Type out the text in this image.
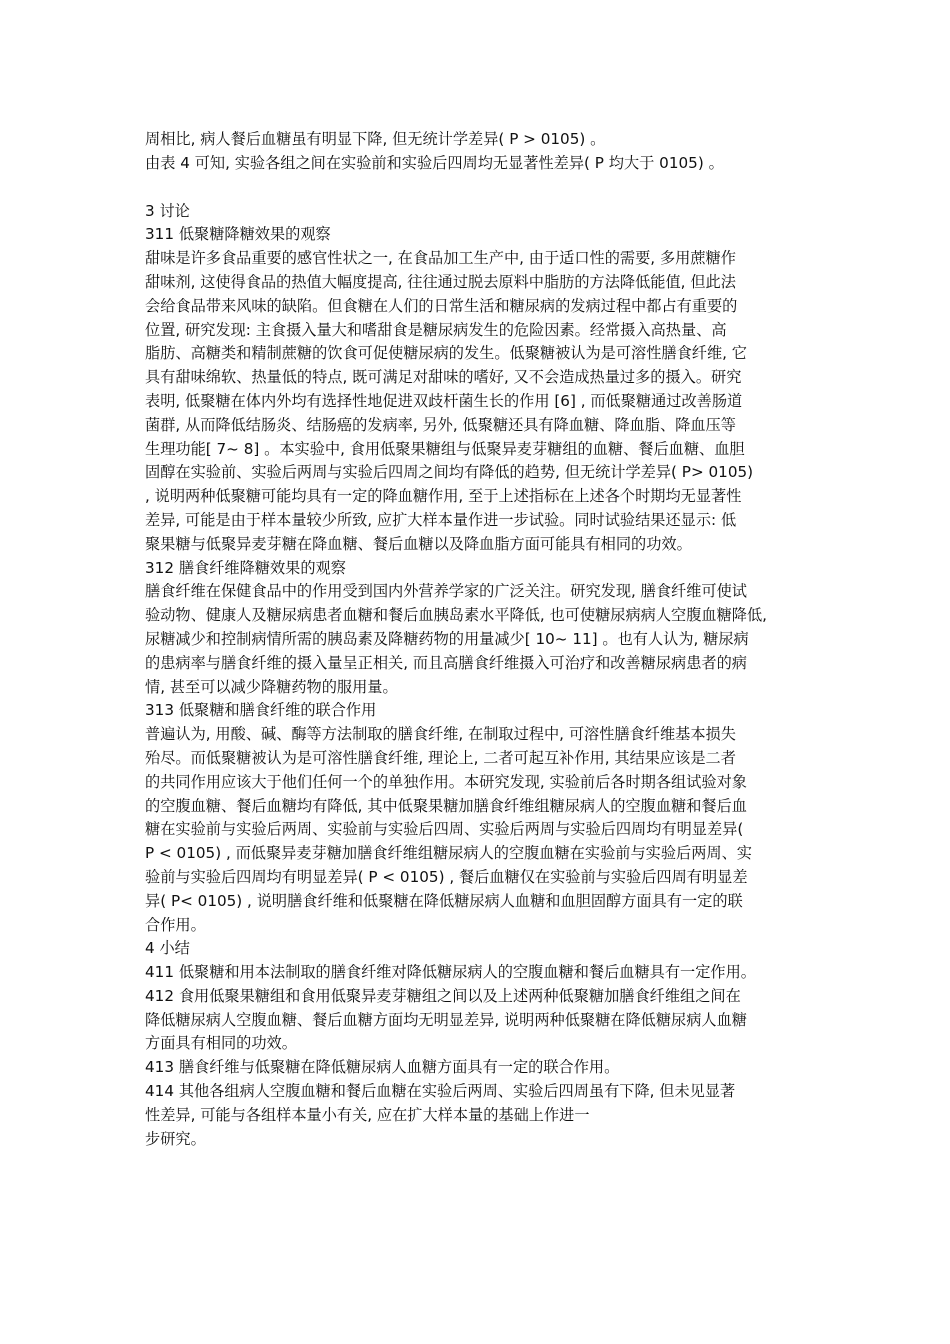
周相比, 病人餐后血糖虽有明显下降, 但无统计学差异( P > 0105) 。
由表 4 可知, 实验各组之间在实验前和实验后四周均无显著性差异( P 均大于 0105) 。
3 讨论
311 低聚糖降糖效果的观察
甜味是许多食品重要的感官性状之一, 在食品加工生产中, 由于适口性的需要, 多用蔗糖作
甜味剂, 这使得食品的热值大幅度提高, 往往通过脱去原料中脂肪的方法降低能值, 但此法
会给食品带来风味的缺陷。但食糖在人们的日常生活和糖尿病的发病过程中都占有重要的
位置, 研究发现: 主食摄入量大和嗜甜食是糖尿病发生的危险因素。经常摄入高热量、高
脂肪、高糖类和精制蔗糖的饮食可促使糖尿病的发生。低聚糖被认为是可溶性膳食纤维, 它
具有甜味绵软、热量低的特点, 既可满足对甜味的嗜好, 又不会造成热量过多的摄入。研究
表明, 低聚糖在体内外均有选择性地促进双歧杆菌生长的作用 [6] , 而低聚糖通过改善肠道
菌群, 从而降低结肠炎、结肠癌的发病率, 另外, 低聚糖还具有降血糖、降血脂、降血压等
生理功能[ 7~ 8] 。本实验中, 食用低聚果糖组与低聚异麦芽糖组的血糖、餐后血糖、血胆
固醇在实验前、实验后两周与实验后四周之间均有降低的趋势, 但无统计学差异( P> 0105)
, 说明两种低聚糖可能均具有一定的降血糖作用, 至于上述指标在上述各个时期均无显著性
差异, 可能是由于样本量较少所致, 应扩大样本量作进一步试验。同时试验结果还显示: 低
聚果糖与低聚异麦芽糖在降血糖、餐后血糖以及降血脂方面可能具有相同的功效。
312 膳食纤维降糖效果的观察
膳食纤维在保健食品中的作用受到国内外营养学家的广泛关注。研究发现, 膳食纤维可使试
验动物、健康人及糖尿病患者血糖和餐后血胰岛素水平降低, 也可使糖尿病病人空腹血糖降低,
尿糖减少和控制病情所需的胰岛素及降糖药物的用量减少[ 10~ 11] 。也有人认为, 糖尿病
的患病率与膳食纤维的摄入量呈正相关, 而且高膳食纤维摄入可治疗和改善糖尿病患者的病
情, 甚至可以减少降糖药物的服用量。
313 低聚糖和膳食纤维的联合作用
普遍认为, 用酸、碱、酶等方法制取的膳食纤维, 在制取过程中, 可溶性膳食纤维基本损失
殆尽。而低聚糖被认为是可溶性膳食纤维, 理论上, 二者可起互补作用, 其结果应该是二者
的共同作用应该大于他们任何一个的单独作用。本研究发现, 实验前后各时期各组试验对象
的空腹血糖、餐后血糖均有降低, 其中低聚果糖加膳食纤维组糖尿病人的空腹血糖和餐后血
糖在实验前与实验后两周、实验前与实验后四周、实验后两周与实验后四周均有明显差异(
P < 0105) , 而低聚异麦芽糖加膳食纤维组糖尿病人的空腹血糖在实验前与实验后两周、实
验前与实验后四周均有明显差异( P < 0105) , 餐后血糖仅在实验前与实验后四周有明显差
异( P< 0105) , 说明膳食纤维和低聚糖在降低糖尿病人血糖和血胆固醇方面具有一定的联
合作用。
4 小结
411 低聚糖和用本法制取的膳食纤维对降低糖尿病人的空腹血糖和餐后血糖具有一定作用。
412 食用低聚果糖组和食用低聚异麦芽糖组之间以及上述两种低聚糖加膳食纤维组之间在
降低糖尿病人空腹血糖、餐后血糖方面均无明显差异, 说明两种低聚糖在降低糖尿病人血糖
方面具有相同的功效。
413 膳食纤维与低聚糖在降低糖尿病人血糖方面具有一定的联合作用。
414 其他各组病人空腹血糖和餐后血糖在实验后两周、实验后四周虽有下降, 但未见显著
性差异, 可能与各组样本量小有关, 应在扩大样本量的基础上作进一
步研究。
